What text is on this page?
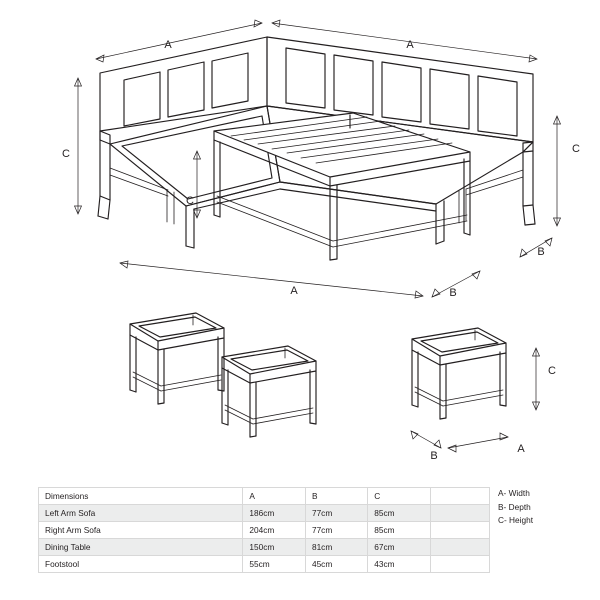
A	A
C	C
C
B
A	B
C
B
A
Dimensions	A	B	C	
Left Arm Sofa	186cm	77cm	85cm	
Right Arm Sofa	204cm	77cm	85cm	
Dining Table	150cm	81cm	67cm	
Footstool	55cm	45cm	43cm	
A- Width
B- Depth
C- Height
